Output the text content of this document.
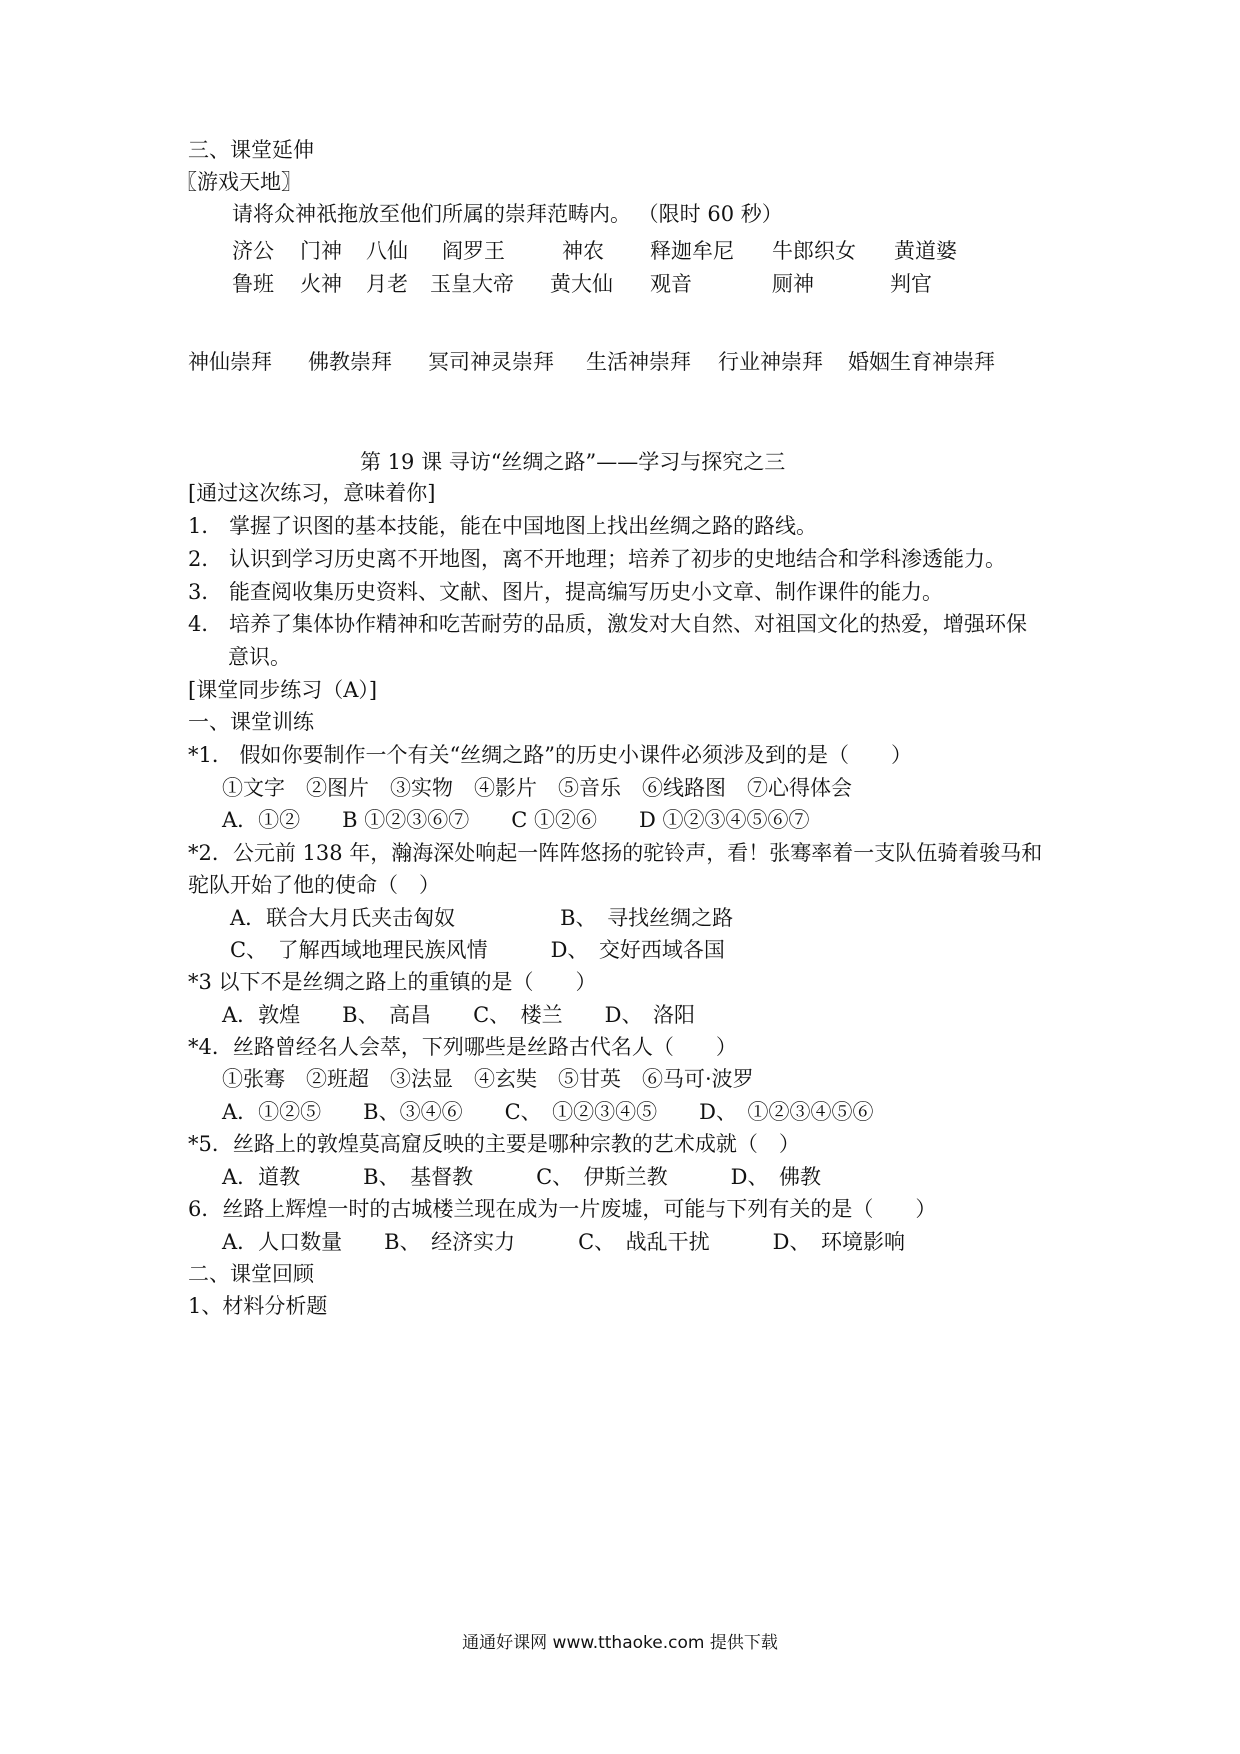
三、课堂延伸
〖游戏天地〗
请将众神祇拖放至他们所属的崇拜范畴内。 （限时 60 秒）
济公 门神 八仙 阎罗王	神农 释迦牟尼 牛郎织女 黄道婆
鲁班 火神 月老 玉皇大帝 黄大仙 观音	厕神	判官
神仙崇拜 佛教崇拜 冥司神灵崇拜 生活神崇拜 行业神崇拜 婚姻生育神崇拜
第 19 课 寻访“丝绸之路”——学习与探究之三
[通过这次练习，意味着你]
1． 掌握了识图的基本技能，能在中国地图上找出丝绸之路的路线。
2． 认识到学习历史离不开地图，离不开地理；培养了初步的史地结合和学科渗透能力。
3． 能查阅收集历史资料、文献、图片，提高编写历史小文章、制作课件的能力。
4． 培养了集体协作精神和吃苦耐劳的品质，激发对大自然、对祖国文化的热爱，增强环保
意识。
[课堂同步练习（A）]
一、课堂训练
*1． 假如你要制作一个有关“丝绸之路”的历史小课件必须涉及到的是（　　）
①文字　②图片　③实物　④影片　⑤音乐　⑥线路图　⑦心得体会
A．①②　　B ①②③⑥⑦　　C ①②⑥　　D ①②③④⑤⑥⑦
*2．公元前 138 年，瀚海深处响起一阵阵悠扬的驼铃声，看！张骞率着一支队伍骑着骏马和
驼队开始了他的使命（　）
A．联合大月氏夹击匈奴　　　　　B、　寻找丝绸之路
C、　了解西域地理民族风情　　　D、　交好西域各国
*3 以下不是丝绸之路上的重镇的是（　　）
A．敦煌　　B、　高昌　　C、　楼兰　　D、　洛阳
*4．丝路曾经名人会萃，下列哪些是丝路古代名人（　　）
①张骞　②班超　③法显　④玄奘　⑤甘英　⑥马可·波罗
A．①②⑤　　B、③④⑥　　C、　①②③④⑤　　D、　①②③④⑤⑥
*5．丝路上的敦煌莫高窟反映的主要是哪种宗教的艺术成就（　）
A．道教　　　B、　基督教　　　C、　伊斯兰教　　　D、　佛教
6．丝路上辉煌一时的古城楼兰现在成为一片废墟，可能与下列有关的是（　　）
A．人口数量　　B、　经济实力　　　C、　战乱干扰　　　D、　环境影响
二、课堂回顾
1、材料分析题
通通好课网 www.tthaoke.com 提供下载
